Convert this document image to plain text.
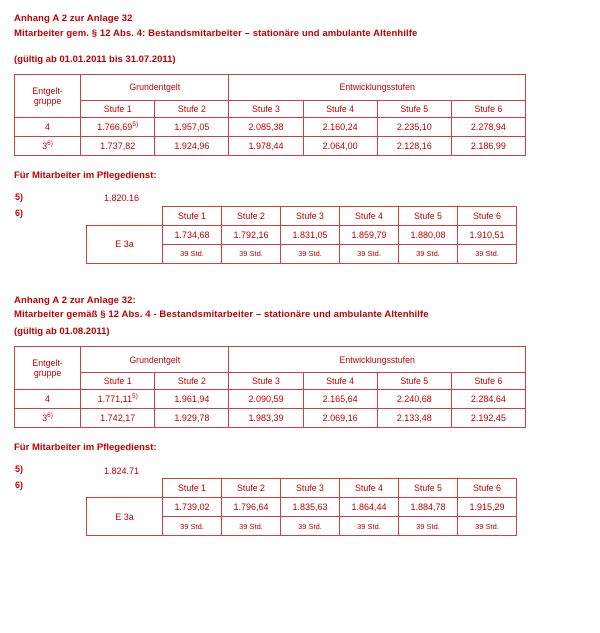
Anhang A 2 zur Anlage 32
Mitarbeiter gem. § 12 Abs. 4: Bestandsmitarbeiter – stationäre und ambulante Altenhilfe
(gültig ab 01.01.2011 bis 31.07.2011)
Entgelt-
gruppe	Grundentgelt		Entwicklungsstufen			
	Stufe 1	Stufe 2	Stufe 3	Stufe 4	Stufe 5	Stufe 6
4	1.766,69$^{5)}$	1.957,05	2.085,38	2.160,24	2.235,10	2.278,94
3$^{6)}$	1.737,82	1.924,96	1.978,44	2.064,00	2.128,16	2.186,99
Für Mitarbeiter im Pflegedienst:
5)	1.820.16
6)	
		Stufe 1	Stufe 2	Stufe 3	Stufe 4	Stufe 5	Stufe 6
E 3a	1.734,68	1.792,16	1.831,05	1.859,79	1.880,08	1.910,51
39 Std.	39 Std.	39 Std.	39 Std.	39 Std.	39 Std.
Anhang A 2 zur Anlage 32:
Mitarbeiter gemäß § 12 Abs. 4 - Bestandsmitarbeiter – stationäre und ambulante Altenhilfe
(gültig ab 01.08.2011)
Entgelt-
gruppe	Grundentgelt		Entwicklungsstufen			
	Stufe 1	Stufe 2	Stufe 3	Stufe 4	Stufe 5	Stufe 6
4	1.771,11$^{5)}$	1.961,94	2.090,59	2.165,64	2.240,68	2.284,64
3$^{6)}$	1.742,17	1.929,78	1.983,39	2.069,16	2.133,48	2.192,45
Für Mitarbeiter im Pflegedienst:
5)	1.824.71
6)	
		Stufe 1	Stufe 2	Stufe 3	Stufe 4	Stufe 5	Stufe 6
E 3a	1.739,02	1.796,64	1.835,63	1.864,44	1.884,78	1.915,29
39 Std.	39 Std.	39 Std.	39 Std.	39 Std.	39 Std.
